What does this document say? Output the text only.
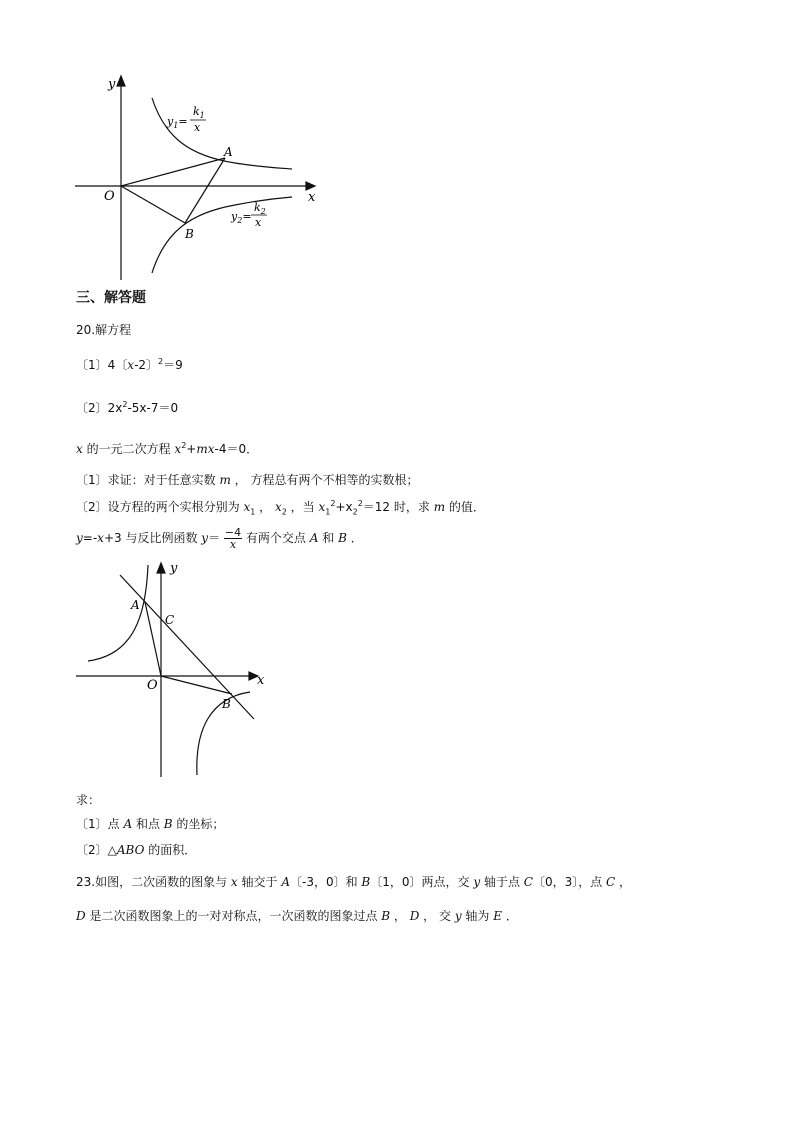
y
x
O
A
B
$y_1=$
$k_1$
x
$y_2=$
$k_2$
x
三、解答题
20.解方程
〔1〕4〔x-2〕$^2$＝9
〔2〕$2x^2-5x-7=0$
x 的一元二次方程 $x^2+mx-4=0$．
〔1〕求证：对于任意实数 m ， 方程总有两个不相等的实数根；
〔2〕设方程的两个实根分别为 $x_1$ ， $x_2$ ，当 $x_1^2+x_2^2=12$ 时，求 m 的值．
y=-x+3 与反比例函数 $y= \frac{-4}{x}$ 有两个交点 A 和 B ．
y
x
O
A
C
B
求：
〔1〕点 A 和点 B 的坐标；
〔2〕△ABO 的面积．
23.如图，二次函数的图象与 x 轴交于 A〔-3，0〕和 B〔1，0〕两点，交 y 轴于点 C〔0，3〕，点 C ，
D 是二次函数图象上的一对对称点，一次函数的图象过点 B ， D ， 交 y 轴为 E ．
